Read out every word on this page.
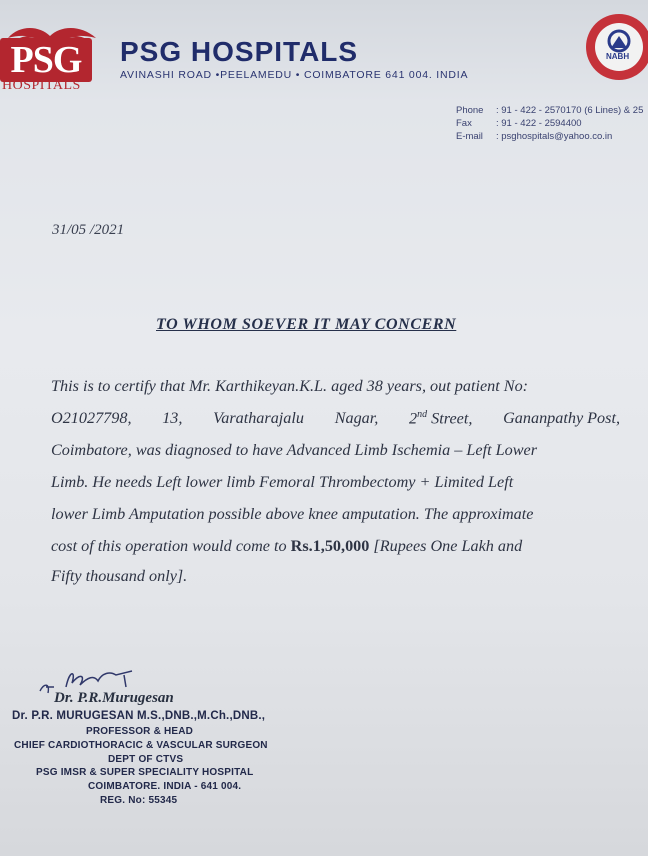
PSG
HOSPITALS
PSG HOSPITALS
AVINASHI ROAD •PEELAMEDU • COIMBATORE 641 004. INDIA
NABH
Phone : 91 - 422 - 2570170 (6 Lines) & 25
Fax	: 91 - 422 - 2594400
E-mail : psghospitals@yahoo.co.in
31/05 /2021
TO WHOM SOEVER IT MAY CONCERN
This is to certify that Mr. Karthikeyan.K.L. aged 38 years, out patient No:
O21027798, 13, Varatharajalu Nagar, 2nd Street, Gananpathy Post,
Coimbatore, was diagnosed to have Advanced Limb Ischemia – Left Lower
Limb. He needs Left lower limb Femoral Thrombectomy + Limited Left
lower Limb Amputation possible above knee amputation. The approximate
cost of this operation would come to Rs.1,50,000 [Rupees One Lakh and
Fifty thousand only].
Dr. P.R.Murugesan
Dr. P.R. MURUGESAN M.S.,DNB.,M.Ch.,DNB.,
PROFESSOR & HEAD
CHIEF CARDIOTHORACIC & VASCULAR SURGEON
DEPT OF CTVS
PSG IMSR & SUPER SPECIALITY HOSPITAL
COIMBATORE. INDIA - 641 004.
REG. No: 55345
